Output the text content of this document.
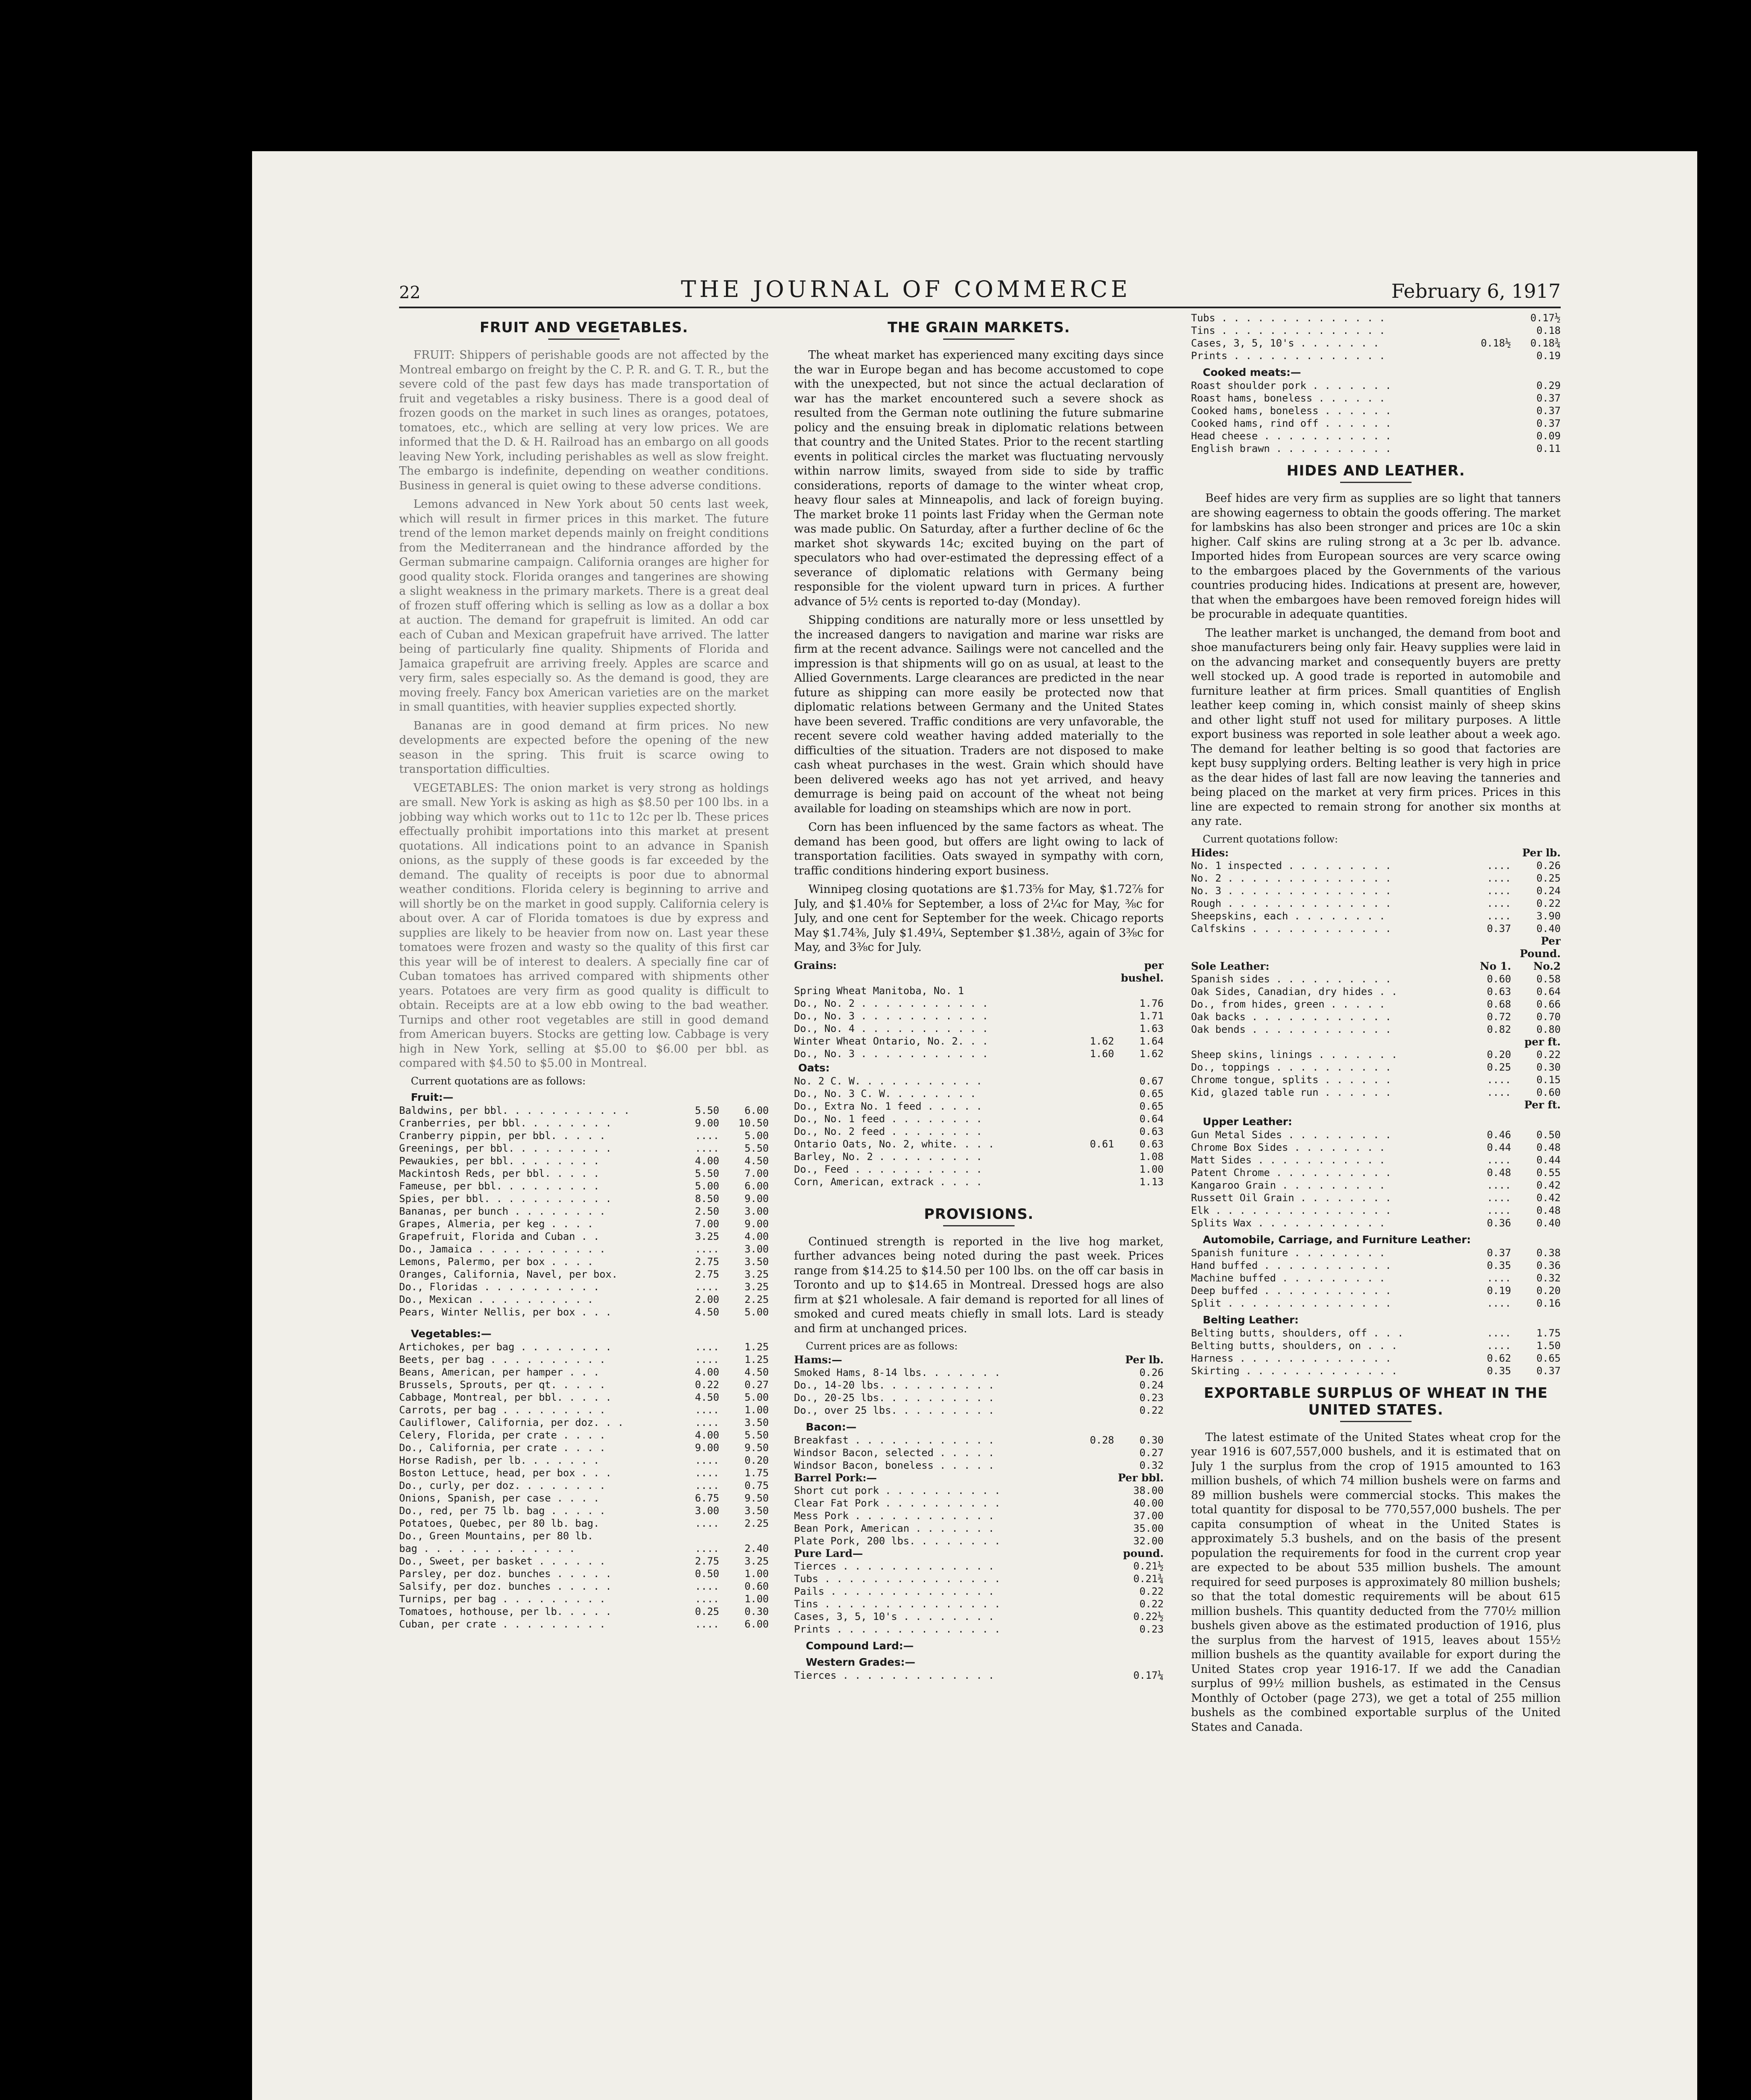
22	THE JOURNAL OF COMMERCE	February 6, 1917
FRUIT AND VEGETABLES.

FRUIT: Shippers of perishable goods are not affected by the Montreal embargo on freight by the C. P. R. and G. T. R., but the severe cold of the past few days has made transportation of fruit and vegetables a risky business. There is a good deal of frozen goods on the market in such lines as oranges, potatoes, tomatoes, etc., which are selling at very low prices. We are informed that the D. & H. Railroad has an embargo on all goods leaving New York, including perishables as well as slow freight. The embargo is indefinite, depending on weather conditions. Business in general is quiet owing to these adverse conditions.

Lemons advanced in New York about 50 cents last week, which will result in firmer prices in this market. The future trend of the lemon market depends mainly on freight conditions from the Mediterranean and the hindrance afforded by the German submarine campaign. California oranges are higher for good quality stock. Florida oranges and tangerines are showing a slight weakness in the primary markets. There is a great deal of frozen stuff offering which is selling as low as a dollar a box at auction. The demand for grapefruit is limited. An odd car each of Cuban and Mexican grapefruit have arrived. The latter being of particularly fine quality. Shipments of Florida and Jamaica grapefruit are arriving freely. Apples are scarce and very firm, sales especially so. As the demand is good, they are moving freely. Fancy box American varieties are on the market in small quantities, with heavier supplies expected shortly.

Bananas are in good demand at firm prices. No new developments are expected before the opening of the new season in the spring. This fruit is scarce owing to transportation difficulties.

VEGETABLES: The onion market is very strong as holdings are small. New York is asking as high as $8.50 per 100 lbs. in a jobbing way which works out to 11c to 12c per lb. These prices effectually prohibit importations into this market at present quotations. All indications point to an advance in Spanish onions, as the supply of these goods is far exceeded by the demand. The quality of receipts is poor due to abnormal weather conditions. Florida celery is beginning to arrive and will shortly be on the market in good supply. California celery is about over. A car of Florida tomatoes is due by express and supplies are likely to be heavier from now on. Last year these tomatoes were frozen and wasty so the quality of this first car this year will be of interest to dealers. A specially fine car of Cuban tomatoes has arrived compared with shipments other years. Potatoes are very firm as good quality is difficult to obtain. Receipts are at a low ebb owing to the bad weather. Turnips and other root vegetables are still in good demand from American buyers. Stocks are getting low. Cabbage is very high in New York, selling at $5.00 to $6.00 per bbl. as compared with $4.50 to $5.00 in Montreal.

Current quotations are as follows:
Fruit:—
Baldwins, per bbl. . . . . . . . . . .	5.50	6.00
Cranberries, per bbl. . . . . . . .	9.00	10.50
Cranberry pippin, per bbl. . . . .	....	5.00
Greenings, per bbl. . . . . . . . .	....	5.50
Pewaukies, per bbl. . . . . . . .	4.00	4.50
Mackintosh Reds, per bbl. . . . .	5.50	7.00
Fameuse, per bbl. . . . . . . . .	5.00	6.00
Spies, per bbl. . . . . . . . . . .	8.50	9.00
Bananas, per bunch . . . . . . . .	2.50	3.00
Grapes, Almeria, per keg . . . .	7.00	9.00
Grapefruit, Florida and Cuban . .	3.25	4.00
Do., Jamaica . . . . . . . . . . .	....	3.00
Lemons, Palermo, per box . . . .	2.75	3.50
Oranges, California, Navel, per box.	2.75	3.25
Do., Floridas . . . . . . . . . .	....	3.25
Do., Mexican . . . . . . . . . .	2.00	2.25
Pears, Winter Nellis, per box . . .	4.50	5.00
Vegetables:—
Artichokes, per bag . . . . . . . .	....	1.25
Beets, per bag . . . . . . . . . .	....	1.25
Beans, American, per hamper . . .	4.00	4.50
Brussels, Sprouts, per qt. . . . .	0.22	0.27
Cabbage, Montreal, per bbl. . . . .	4.50	5.00
Carrots, per bag . . . . . . . . .	....	1.00
Cauliflower, California, per doz. . .	....	3.50
Celery, Florida, per crate . . . .	4.00	5.50
Do., California, per crate . . . .	9.00	9.50
Horse Radish, per lb. . . . . . .	....	0.20
Boston Lettuce, head, per box . . .	....	1.75
Do., curly, per doz. . . . . . . .	....	0.75
Onions, Spanish, per case . . . .	6.75	9.50
Do., red, per 75 lb. bag . . . . .	3.00	3.50
Potatoes, Quebec, per 80 lb. bag.	....	2.25
Do., Green Mountains, per 80 lb.
bag . . . . . . . . . . . . .	....	2.40
Do., Sweet, per basket . . . . . .	2.75	3.25
Parsley, per doz. bunches . . . . .	0.50	1.00
Salsify, per doz. bunches . . . . .	....	0.60
Turnips, per bag . . . . . . . . .	....	1.00
Tomatoes, hothouse, per lb. . . . .	0.25	0.30
Cuban, per crate . . . . . . . . .	....	6.00
THE GRAIN MARKETS.

The wheat market has experienced many exciting days since the war in Europe began and has become accustomed to cope with the unexpected, but not since the actual declaration of war has the market encountered such a severe shock as resulted from the German note outlining the future submarine policy and the ensuing break in diplomatic relations between that country and the United States. Prior to the recent startling events in political circles the market was fluctuating nervously within narrow limits, swayed from side to side by traffic considerations, reports of damage to the winter wheat crop, heavy flour sales at Minneapolis, and lack of foreign buying. The market broke 11 points last Friday when the German note was made public. On Saturday, after a further decline of 6c the market shot skywards 14c; excited buying on the part of speculators who had over-estimated the depressing effect of a severance of diplomatic relations with Germany being responsible for the violent upward turn in prices. A further advance of 5½ cents is reported to-day (Monday).

Shipping conditions are naturally more or less unsettled by the increased dangers to navigation and marine war risks are firm at the recent advance. Sailings were not cancelled and the impression is that shipments will go on as usual, at least to the Allied Governments. Large clearances are predicted in the near future as shipping can more easily be protected now that diplomatic relations between Germany and the United States have been severed. Traffic conditions are very unfavorable, the recent severe cold weather having added materially to the difficulties of the situation. Traders are not disposed to make cash wheat purchases in the west. Grain which should have been delivered weeks ago has not yet arrived, and heavy demurrage is being paid on account of the wheat not being available for loading on steamships which are now in port.

Corn has been influenced by the same factors as wheat. The demand has been good, but offers are light owing to lack of transportation facilities. Oats swayed in sympathy with corn, traffic conditions hindering export business.

Winnipeg closing quotations are $1.73⅝ for May, $1.72⅞ for July, and $1.40⅛ for September, a loss of 2¼c for May, ⅜c for July, and one cent for September for the week. Chicago reports May $1.74⅜, July $1.49¼, September $1.38½, again of 3⅜c for May, and 3⅜c for July.

Grains:	per bushel.
Spring Wheat Manitoba, No. 1
Do., No. 2 . . . . . . . . . . .	1.76
Do., No. 3 . . . . . . . . . . .	1.71
Do., No. 4 . . . . . . . . . . .	1.63
Winter Wheat Ontario, No. 2. . .	1.62	1.64
Do., No. 3 . . . . . . . . . . .	1.60	1.62
Oats:
No. 2 C. W. . . . . . . . . . .	0.67
Do., No. 3 C. W. . . . . . . .	0.65
Do., Extra No. 1 feed . . . . .	0.65
Do., No. 1 feed . . . . . . . .	0.64
Do., No. 2 feed . . . . . . . .	0.63
Ontario Oats, No. 2, white. . . .	0.61	0.63
Barley, No. 2 . . . . . . . . .	1.08
Do., Feed . . . . . . . . . . .	1.00
Corn, American, extrack . . . .	1.13
PROVISIONS.

Continued strength is reported in the live hog market, further advances being noted during the past week. Prices range from $14.25 to $14.50 per 100 lbs. on the off car basis in Toronto and up to $14.65 in Montreal. Dressed hogs are also firm at $21 wholesale. A fair demand is reported for all lines of smoked and cured meats chiefly in small lots. Lard is steady and firm at unchanged prices.

Current prices are as follows:
Hams:—	Per lb.
Smoked Hams, 8-14 lbs. . . . . . .	0.26
Do., 14-20 lbs. . . . . . . . . .	0.24
Do., 20-25 lbs. . . . . . . . . .	0.23
Do., over 25 lbs. . . . . . . . .	0.22
Bacon:—
Breakfast . . . . . . . . . . . .	0.28	0.30
Windsor Bacon, selected . . . . .	0.27
Windsor Bacon, boneless . . . . .	0.32
Barrel Pork:—	Per bbl.
Short cut pork . . . . . . . . . .	38.00
Clear Fat Pork . . . . . . . . . .	40.00
Mess Pork . . . . . . . . . . . .	37.00
Bean Pork, American . . . . . . .	35.00
Plate Pork, 200 lbs. . . . . . . .	32.00
Pure Lard—	pound.
Tierces . . . . . . . . . . . . .	0.21½
Tubs . . . . . . . . . . . . . . .	0.21¾
Pails . . . . . . . . . . . . . .	0.22
Tins . . . . . . . . . . . . . . .	0.22
Cases, 3, 5, 10's . . . . . . . .	0.22½
Prints . . . . . . . . . . . . . .	0.23
Compound Lard:—
Western Grades:—
Tierces . . . . . . . . . . . . .	0.17¼
Tubs . . . . . . . . . . . . . .	0.17½
Tins . . . . . . . . . . . . . .	0.18
Cases, 3, 5, 10's . . . . . . .	0.18½	0.18¾
Prints . . . . . . . . . . . . .	0.19
Cooked meats:—
Roast shoulder pork . . . . . . .	0.29
Roast hams, boneless . . . . . .	0.37
Cooked hams, boneless . . . . . .	0.37
Cooked hams, rind off . . . . . .	0.37
Head cheese . . . . . . . . . . .	0.09
English brawn . . . . . . . . . .	0.11
HIDES AND LEATHER.

Beef hides are very firm as supplies are so light that tanners are showing eagerness to obtain the goods offering. The market for lambskins has also been stronger and prices are 10c a skin higher. Calf skins are ruling strong at a 3c per lb. advance. Imported hides from European sources are very scarce owing to the embargoes placed by the Governments of the various countries producing hides. Indications at present are, however, that when the embargoes have been removed foreign hides will be procurable in adequate quantities.

The leather market is unchanged, the demand from boot and shoe manufacturers being only fair. Heavy supplies were laid in on the advancing market and consequently buyers are pretty well stocked up. A good trade is reported in automobile and furniture leather at firm prices. Small quantities of English leather keep coming in, which consist mainly of sheep skins and other light stuff not used for military purposes. A little export business was reported in sole leather about a week ago. The demand for leather belting is so good that factories are kept busy supplying orders. Belting leather is very high in price as the dear hides of last fall are now leaving the tanneries and being placed on the market at very firm prices. Prices in this line are expected to remain strong for another six months at any rate.

Current quotations follow:
Hides:	Per lb.
No. 1 inspected . . . . . . . . .	....	0.26
No. 2 . . . . . . . . . . . . . .	....	0.25
No. 3 . . . . . . . . . . . . . .	....	0.24
Rough . . . . . . . . . . . . . .	....	0.22
Sheepskins, each . . . . . . . .	....	3.90
Calfskins . . . . . . . . . . . .	0.37	0.40
Per Pound.
Sole Leather:	No 1.	No.2
Spanish sides . . . . . . . . . .	0.60	0.58
Oak Sides, Canadian, dry hides . .	0.63	0.64
Do., from hides, green . . . . .	0.68	0.66
Oak backs . . . . . . . . . . . .	0.72	0.70
Oak bends . . . . . . . . . . . .	0.82	0.80
per ft.
Sheep skins, linings . . . . . . .	0.20	0.22
Do., toppings . . . . . . . . . .	0.25	0.30
Chrome tongue, splits . . . . . .	....	0.15
Kid, glazed table run . . . . . .	....	0.60
Per ft.
Upper Leather:
Gun Metal Sides . . . . . . . . .	0.46	0.50
Chrome Box Sides . . . . . . . .	0.44	0.48
Matt Sides . . . . . . . . . . .	....	0.44
Patent Chrome . . . . . . . . . .	0.48	0.55
Kangaroo Grain . . . . . . . . .	....	0.42
Russett Oil Grain . . . . . . . .	....	0.42
Elk . . . . . . . . . . . . . . .	....	0.48
Splits Wax . . . . . . . . . . .	0.36	0.40
Automobile, Carriage, and Furniture Leather:
Spanish funiture . . . . . . . .	0.37	0.38
Hand buffed . . . . . . . . . . .	0.35	0.36
Machine buffed . . . . . . . . .	....	0.32
Deep buffed . . . . . . . . . . .	0.19	0.20
Split . . . . . . . . . . . . . .	....	0.16
Belting Leather:
Belting butts, shoulders, off . . .	....	1.75
Belting butts, shoulders, on . . .	....	1.50
Harness . . . . . . . . . . . . .	0.62	0.65
Skirting . . . . . . . . . . . . .	0.35	0.37
EXPORTABLE SURPLUS OF WHEAT IN THE UNITED STATES.

The latest estimate of the United States wheat crop for the year 1916 is 607,557,000 bushels, and it is estimated that on July 1 the surplus from the crop of 1915 amounted to 163 million bushels, of which 74 million bushels were on farms and 89 million bushels were commercial stocks. This makes the total quantity for disposal to be 770,557,000 bushels. The per capita consumption of wheat in the United States is approximately 5.3 bushels, and on the basis of the present population the requirements for food in the current crop year are expected to be about 535 million bushels. The amount required for seed purposes is approximately 80 million bushels; so that the total domestic requirements will be about 615 million bushels. This quantity deducted from the 770½ million bushels given above as the estimated production of 1916, plus the surplus from the harvest of 1915, leaves about 155½ million bushels as the quantity available for export during the United States crop year 1916-17. If we add the Canadian surplus of 99½ million bushels, as estimated in the Census Monthly of October (page 273), we get a total of 255 million bushels as the combined exportable surplus of the United States and Canada.
